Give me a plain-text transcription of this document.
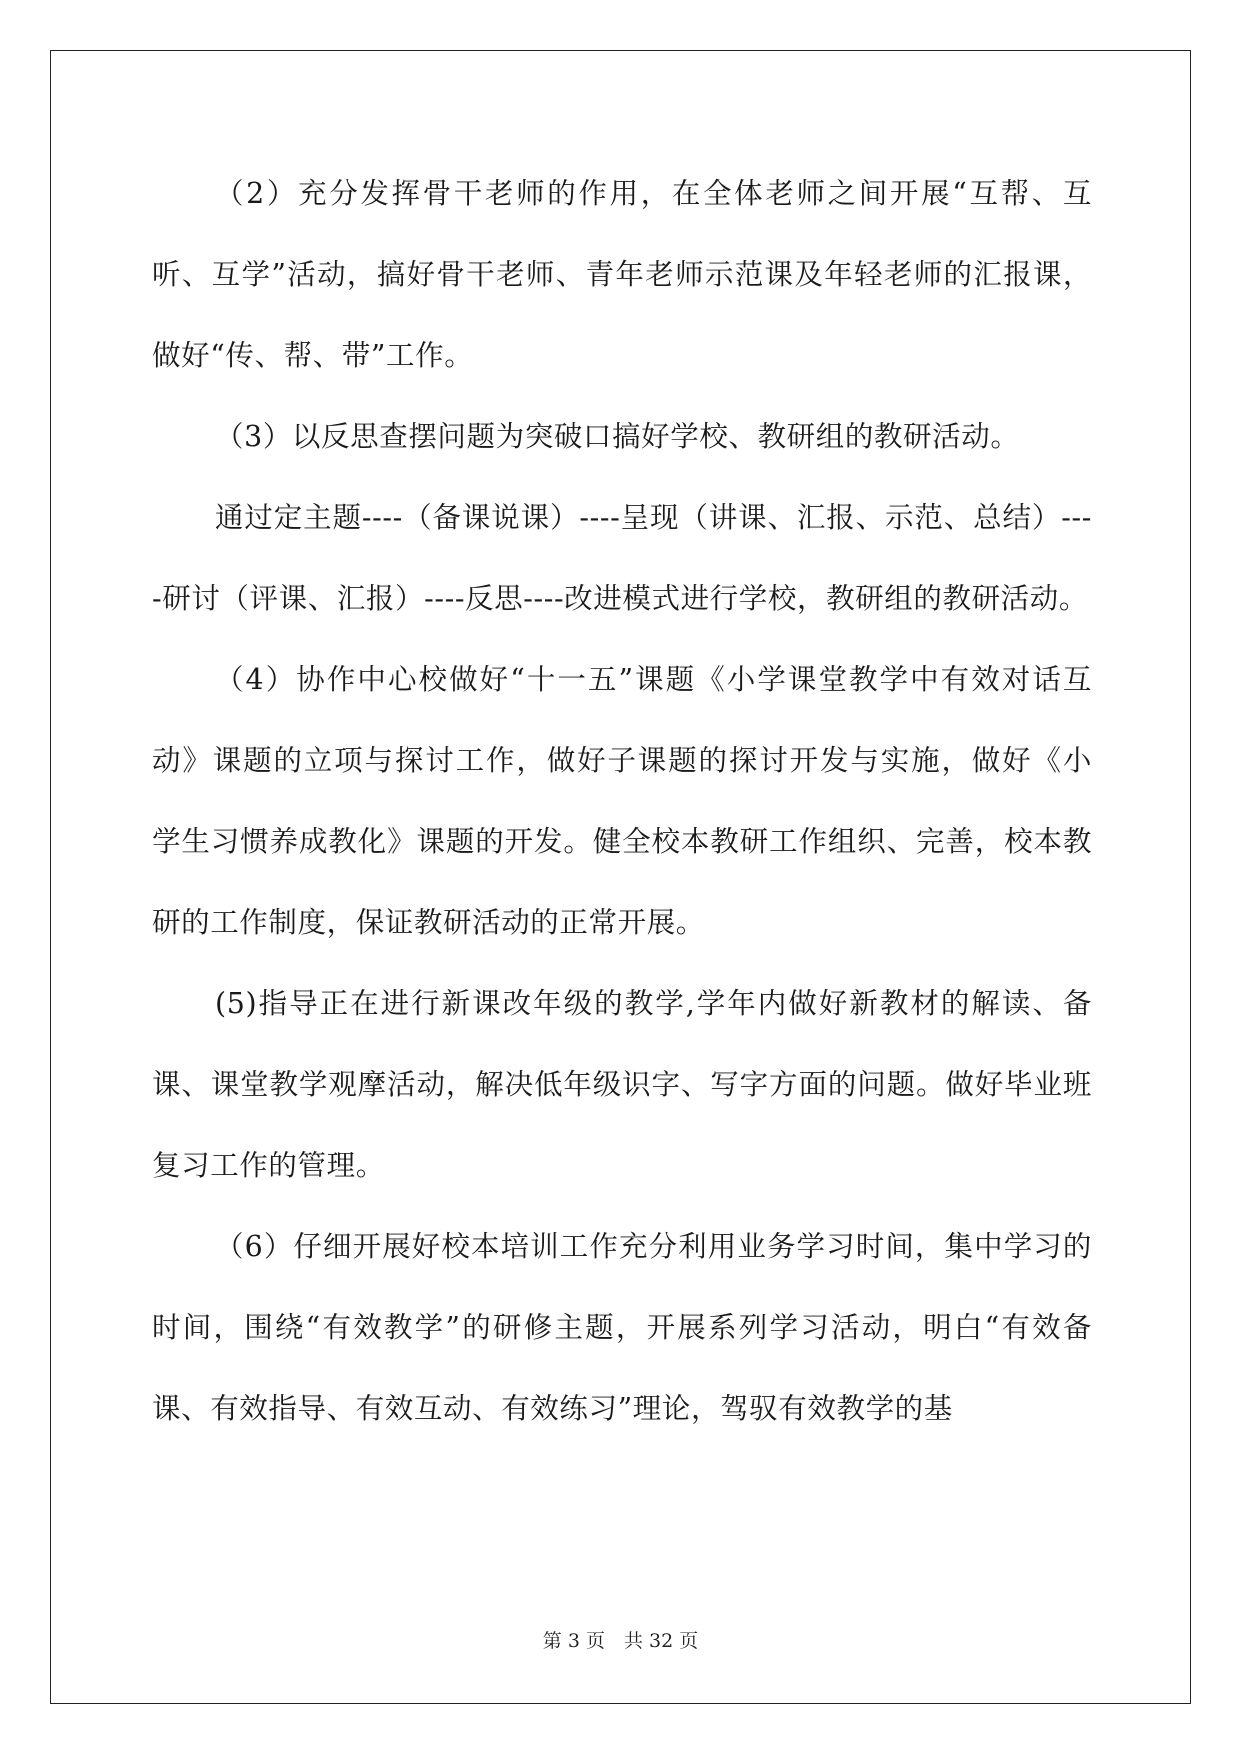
（2）充分发挥骨干老师的作用，在全体老师之间开展“互帮、互听、互学”活动，搞好骨干老师、青年老师示范课及年轻老师的汇报课，做好“传、帮、带”工作。

（3）以反思查摆问题为突破口搞好学校、教研组的教研活动。

通过定主题----（备课说课）----呈现（讲课、汇报、示范、总结）----研讨（评课、汇报）----反思----改进模式进行学校，教研组的教研活动。

（4）协作中心校做好“十一五”课题《小学课堂教学中有效对话互动》课题的立项与探讨工作，做好子课题的探讨开发与实施，做好《小 学生习惯养成教化》课题的开发。健全校本教研工作组织、完善，校本教研的工作制度，保证教研活动的正常开展。

(5)指导正在进行新课改年级的教学,学年内做好新教材的解读、备课、课堂教学观摩活动，解决低年级识字、写字方面的问题。做好毕业班复习工作的管理。

（6）仔细开展好校本培训工作充分利用业务学习时间，集中学习的时间，围绕“有效教学”的研修主题，开展系列学习活动，明白“有效备课、有效指导、有效互动、有效练习”理论，驾驭有效教学的基

第 3 页　共 32 页
